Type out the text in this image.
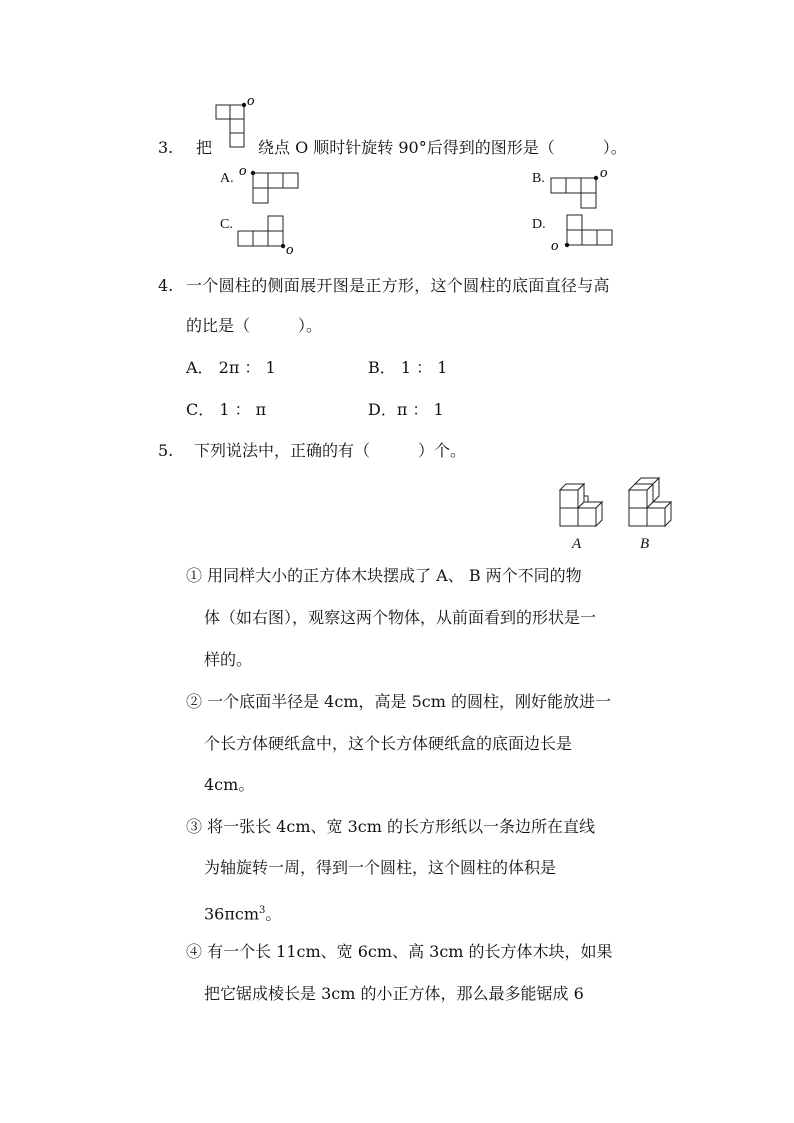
3. 把
o
绕点 O 顺时针旋转 90°后得到的图形是（　　　）。
A. o	B.	o
C.
o
D.
o
4. 一个圆柱的侧面展开图是正方形，这个圆柱的底面直径与高
的比是（　　　）。
A． 2π ： 1	B． 1 ： 1
C． 1 ： π	D．π ： 1
5. 下列说法中，正确的有（　　　）个。
A	B
① 用同样大小的正方体木块摆成了 A、 B 两个不同的物
体（如右图），观察这两个物体，从前面看到的形状是一
样的。
② 一个底面半径是 4cm，高是 5cm 的圆柱，刚好能放进一
个长方体硬纸盒中，这个长方体硬纸盒的底面边长是
4cm。
③ 将一张长 4cm、宽 3cm 的长方形纸以一条边所在直线
为轴旋转一周，得到一个圆柱，这个圆柱的体积是
36πcm$^3$。
④ 有一个长 11cm、宽 6cm、高 3cm 的长方体木块，如果
把它锯成棱长是 3cm 的小正方体，那么最多能锯成 6
